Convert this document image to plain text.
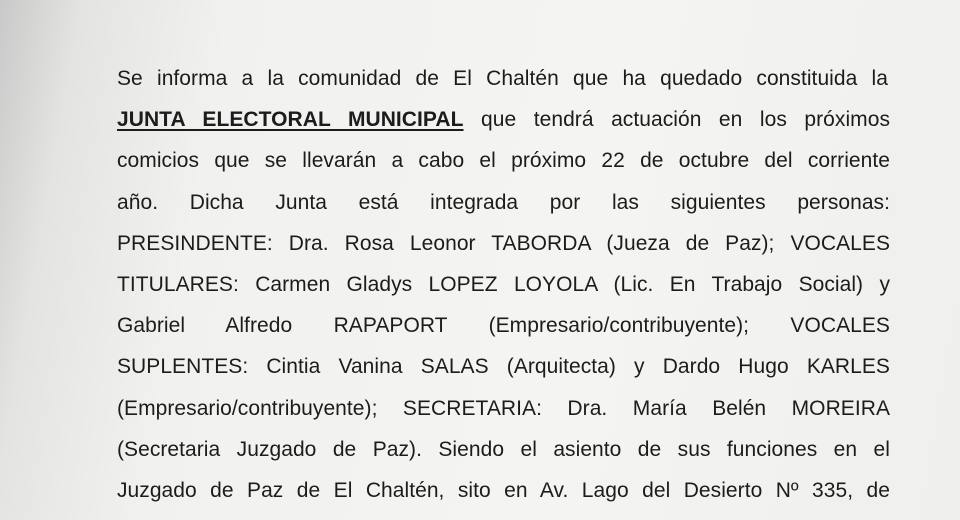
Se informa a la comunidad de El Chaltén que ha quedado constituida la
JUNTA ELECTORAL MUNICIPAL que tendrá actuación en los próximos
comicios que se llevarán a cabo el próximo 22 de octubre del corriente
año. Dicha Junta está integrada por las siguientes personas:
PRESINDENTE: Dra. Rosa Leonor TABORDA (Jueza de Paz); VOCALES
TITULARES: Carmen Gladys LOPEZ LOYOLA (Lic. En Trabajo Social) y
Gabriel Alfredo RAPAPORT (Empresario/contribuyente); VOCALES
SUPLENTES: Cintia Vanina SALAS (Arquitecta) y Dardo Hugo KARLES
(Empresario/contribuyente); SECRETARIA: Dra. María Belén MOREIRA
(Secretaria Juzgado de Paz). Siendo el asiento de sus funciones en el
Juzgado de Paz de El Chaltén, sito en Av. Lago del Desierto Nº 335, de
